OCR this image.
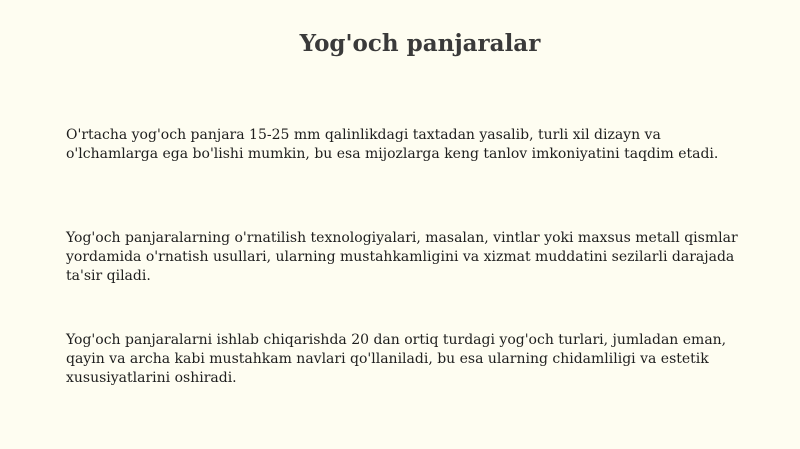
Yog'och panjaralar

O'rtacha yog'och panjara 15-25 mm qalinlikdagi taxtadan yasalib, turli xil dizayn va o'lchamlarga ega bo'lishi mumkin, bu esa mijozlarga keng tanlov imkoniyatini taqdim etadi.

Yog'och panjaralarning o'rnatilish texnologiyalari, masalan, vintlar yoki maxsus metall qismlar yordamida o'rnatish usullari, ularning mustahkamligini va xizmat muddatini sezilarli darajada ta'sir qiladi.

Yog'och panjaralarni ishlab chiqarishda 20 dan ortiq turdagi yog'och turlari, jumladan eman, qayin va archa kabi mustahkam navlari qo'llaniladi, bu esa ularning chidamliligi va estetik xususiyatlarini oshiradi.
